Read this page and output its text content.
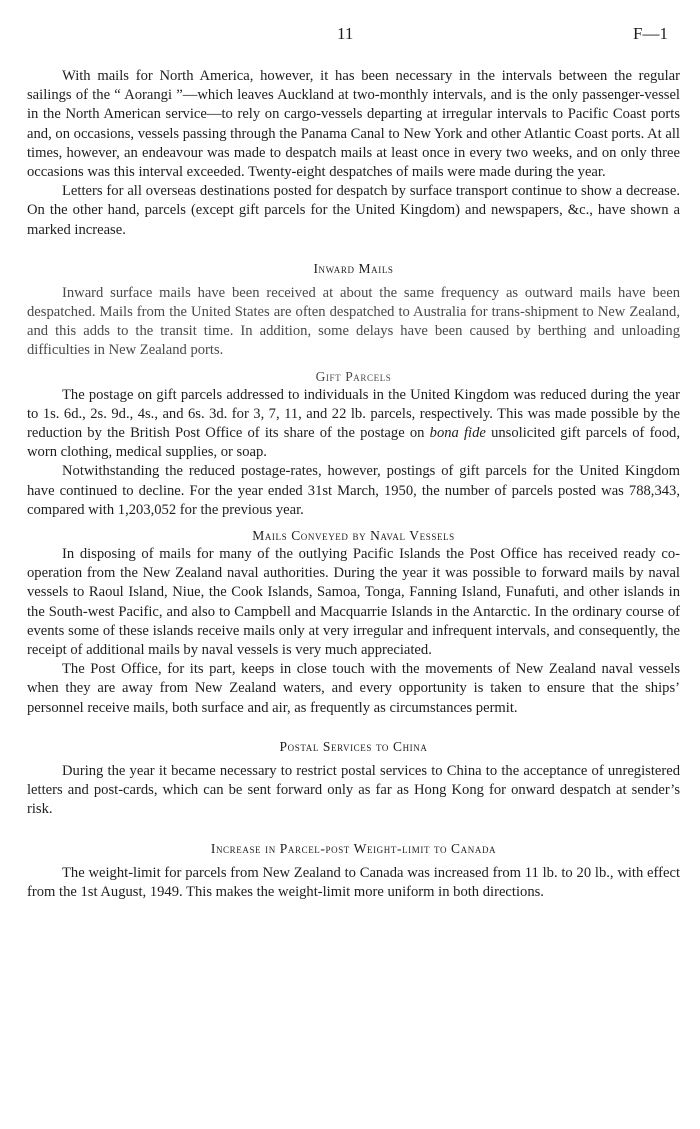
11	F—1

With mails for North America, however, it has been necessary in the intervals between the regular sailings of the “ Aorangi ”—which leaves Auckland at two-monthly intervals, and is the only passenger-vessel in the North American service—to rely on cargo-vessels departing at irregular intervals to Pacific Coast ports and, on occasions, vessels passing through the Panama Canal to New York and other Atlantic Coast ports. At all times, however, an endeavour was made to despatch mails at least once in every two weeks, and on only three occasions was this interval exceeded. Twenty-eight despatches of mails were made during the year.

Letters for all overseas destinations posted for despatch by surface transport continue to show a decrease. On the other hand, parcels (except gift parcels for the United Kingdom) and newspapers, &c., have shown a marked increase.

Inward Mails

Inward surface mails have been received at about the same frequency as outward mails have been despatched. Mails from the United States are often despatched to Australia for trans-shipment to New Zealand, and this adds to the transit time. In addition, some delays have been caused by berthing and unloading difficulties in New Zealand ports.

Gift Parcels

The postage on gift parcels addressed to individuals in the United Kingdom was reduced during the year to 1s. 6d., 2s. 9d., 4s., and 6s. 3d. for 3, 7, 11, and 22 lb. parcels, respectively. This was made possible by the reduction by the British Post Office of its share of the postage on bona fide unsolicited gift parcels of food, worn clothing, medical supplies, or soap.

Notwithstanding the reduced postage-rates, however, postings of gift parcels for the United Kingdom have continued to decline. For the year ended 31st March, 1950, the number of parcels posted was 788,343, compared with 1,203,052 for the previous year.

Mails Conveyed by Naval Vessels

In disposing of mails for many of the outlying Pacific Islands the Post Office has received ready co-operation from the New Zealand naval authorities. During the year it was possible to forward mails by naval vessels to Raoul Island, Niue, the Cook Islands, Samoa, Tonga, Fanning Island, Funafuti, and other islands in the South-west Pacific, and also to Campbell and Macquarrie Islands in the Antarctic. In the ordinary course of events some of these islands receive mails only at very irregular and infrequent intervals, and consequently, the receipt of additional mails by naval vessels is very much appreciated.

The Post Office, for its part, keeps in close touch with the movements of New Zealand naval vessels when they are away from New Zealand waters, and every opportunity is taken to ensure that the ships’ personnel receive mails, both surface and air, as frequently as circumstances permit.

Postal Services to China

During the year it became necessary to restrict postal services to China to the acceptance of unregistered letters and post-cards, which can be sent forward only as far as Hong Kong for onward despatch at sender’s risk.

Increase in Parcel-post Weight-limit to Canada

The weight-limit for parcels from New Zealand to Canada was increased from 11 lb. to 20 lb., with effect from the 1st August, 1949. This makes the weight-limit more uniform in both directions.
